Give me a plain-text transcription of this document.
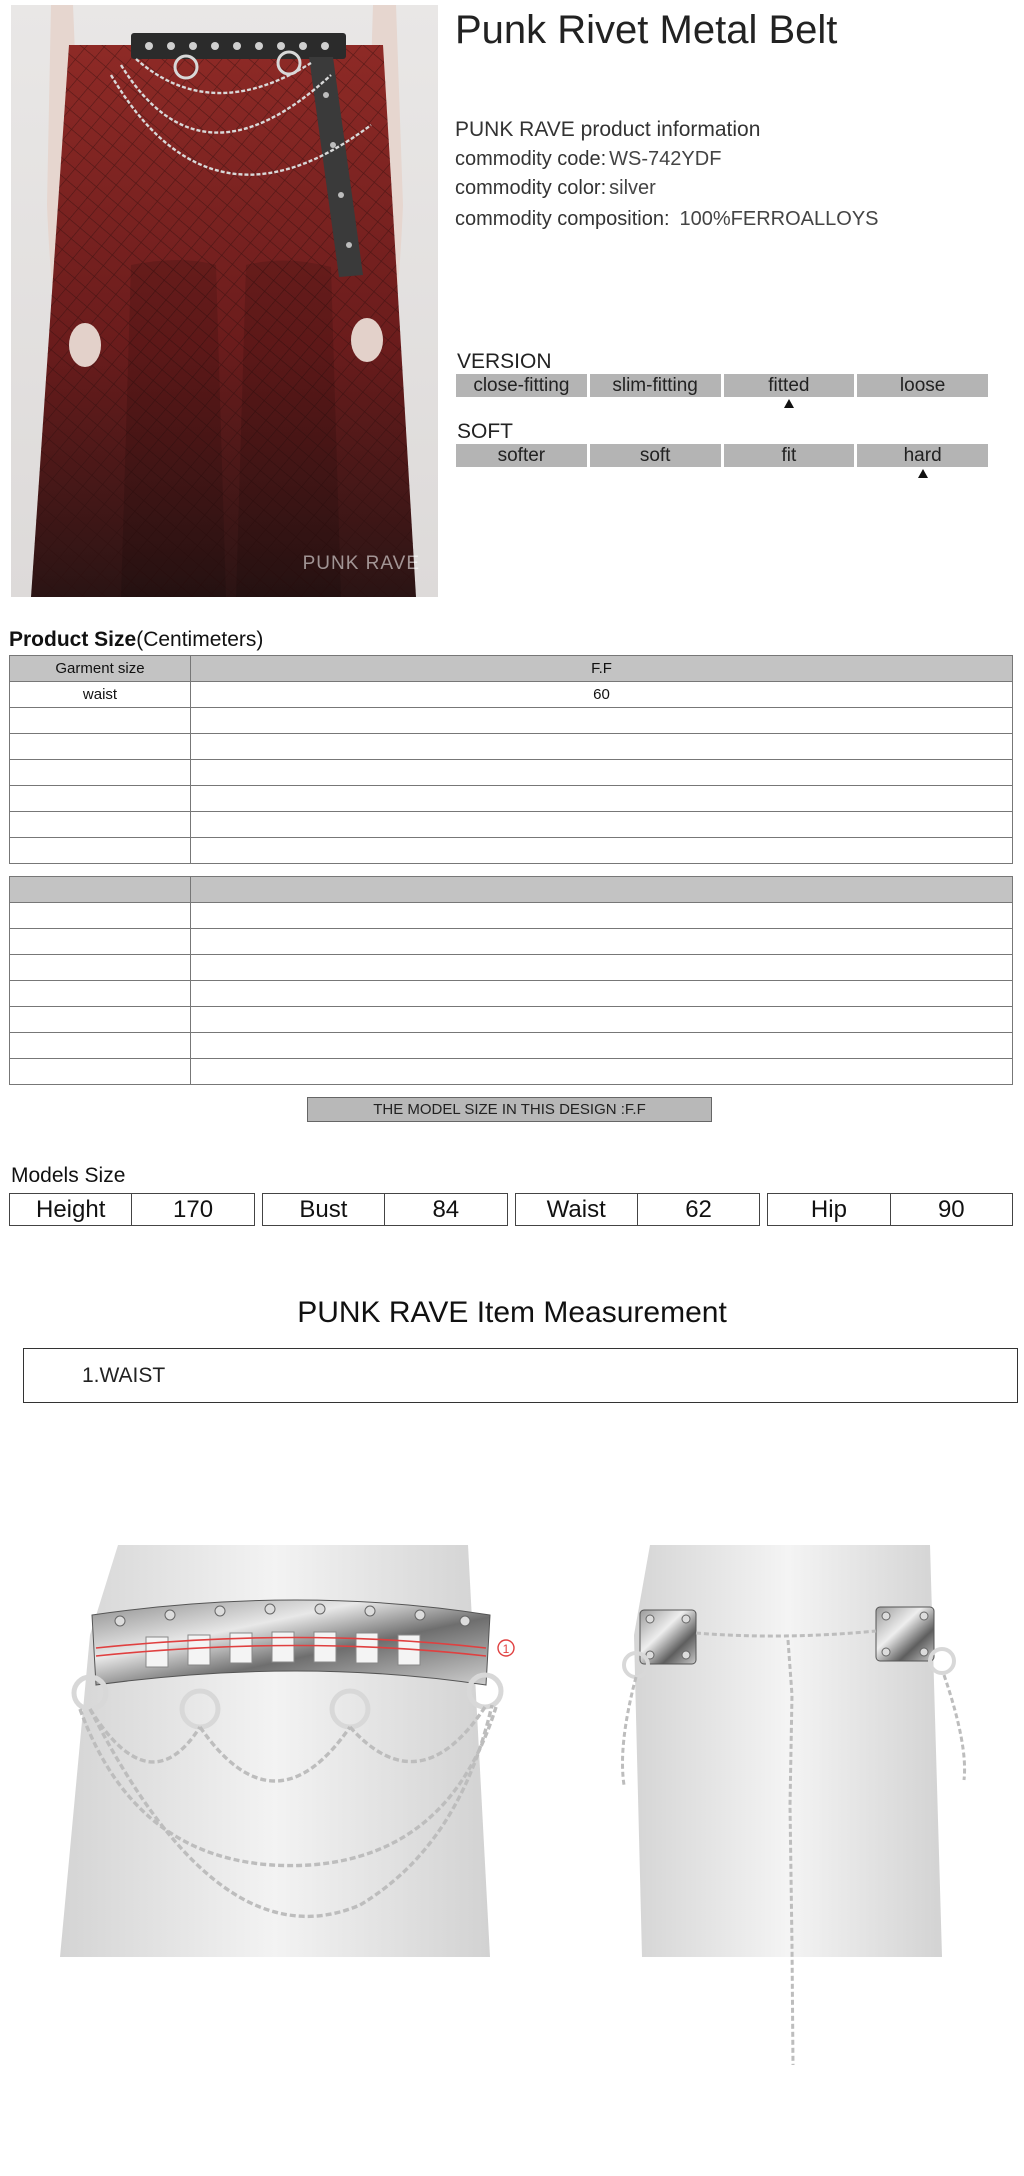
PUNK RAVE
Punk Rivet Metal Belt
PUNK RAVE product information
commodity code: WS-742YDF
commodity color: silver
commodity composition: 100%FERROALLOYS
VERSION
close-fitting	slim-fitting	fitted	loose
SOFT
softer	soft	fit	hard
Product Size(Centimeters)
Garment size	F.F
waist	60

THE MODEL SIZE IN THIS DESIGN :F.F
Models Size
Height	170	Bust	84	Waist	62	Hip	90
PUNK RAVE Item Measurement
1.WAIST
1
